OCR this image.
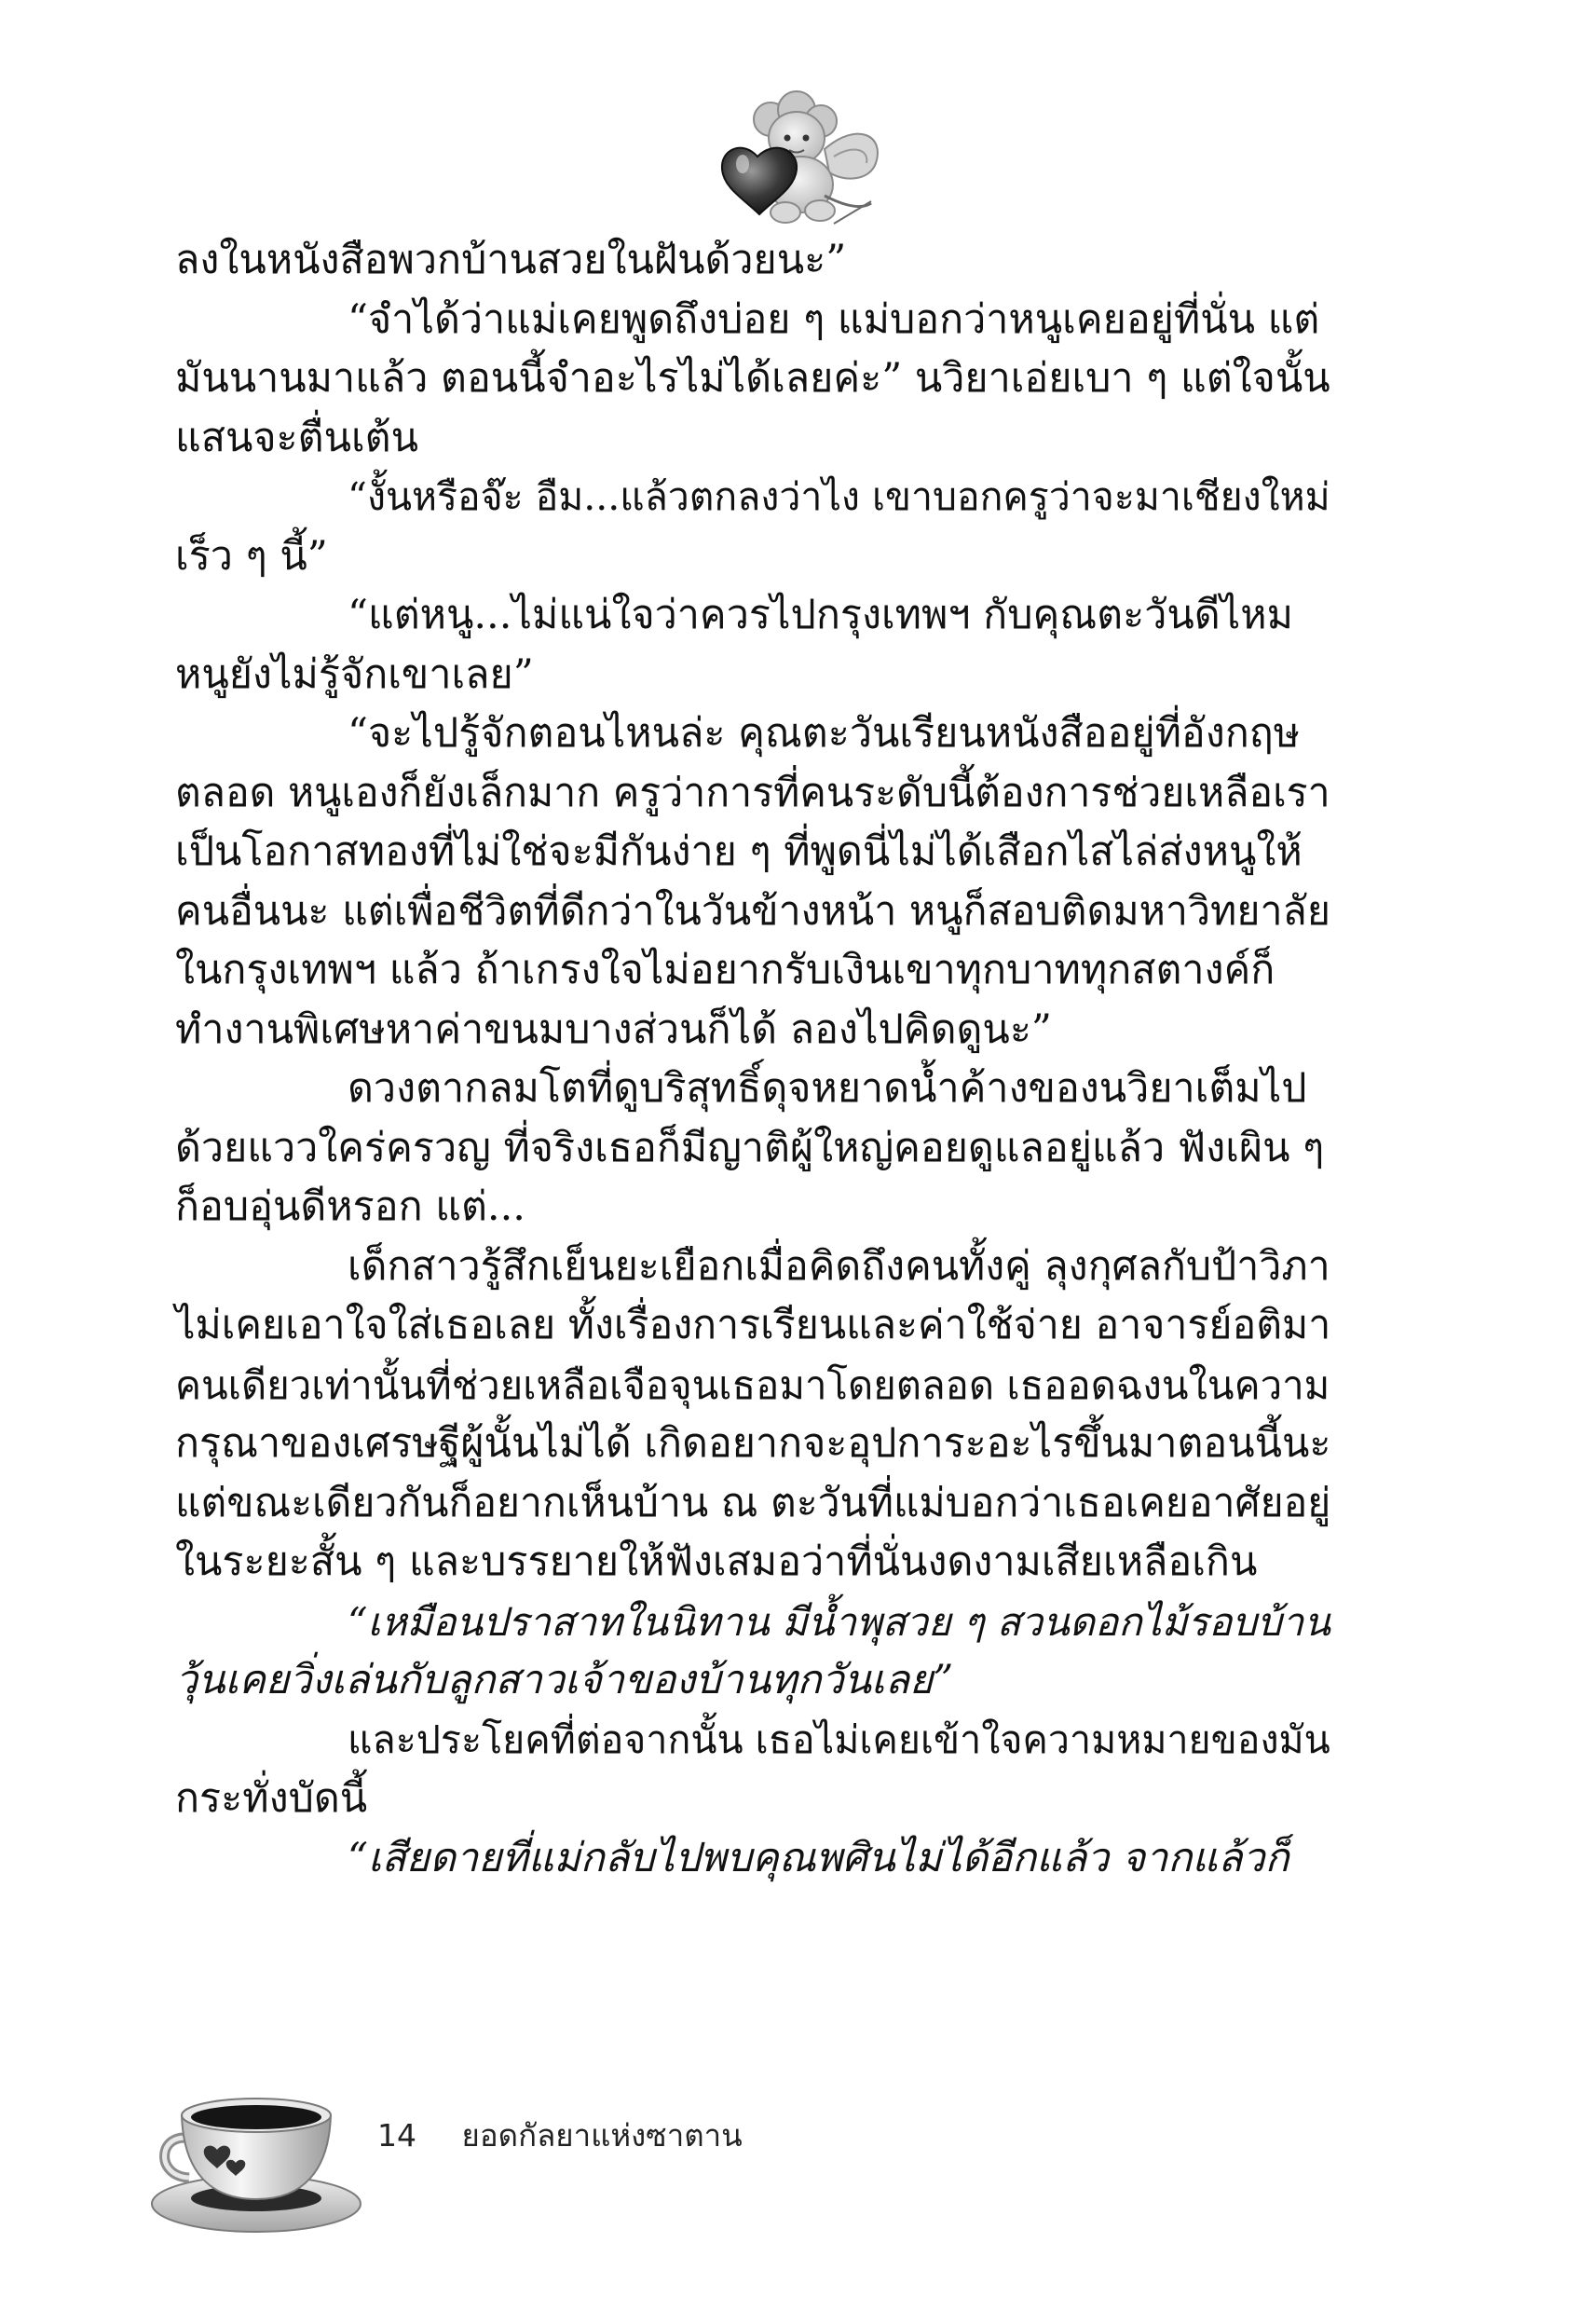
ลงในหนังสือพวกบ้านสวยในฝันด้วยนะ”
“จำได้ว่าแม่เคยพูดถึงบ่อย ๆ แม่บอกว่าหนูเคยอยู่ที่นั่น แต่
มันนานมาแล้ว ตอนนี้จำอะไรไม่ได้เลยค่ะ” นวิยาเอ่ยเบา ๆ แต่ใจนั้น
แสนจะตื่นเต้น
“งั้นหรือจ๊ะ อืม...แล้วตกลงว่าไง เขาบอกครูว่าจะมาเชียงใหม่
เร็ว ๆ นี้”
“แต่หนู...ไม่แน่ใจว่าควรไปกรุงเทพฯ กับคุณตะวันดีไหม
หนูยังไม่รู้จักเขาเลย”
“จะไปรู้จักตอนไหนล่ะ คุณตะวันเรียนหนังสืออยู่ที่อังกฤษ
ตลอด หนูเองก็ยังเล็กมาก ครูว่าการที่คนระดับนี้ต้องการช่วยเหลือเรา
เป็นโอกาสทองที่ไม่ใช่จะมีกันง่าย ๆ ที่พูดนี่ไม่ได้เสือกไสไล่ส่งหนูให้
คนอื่นนะ แต่เพื่อชีวิตที่ดีกว่าในวันข้างหน้า หนูก็สอบติดมหาวิทยาลัย
ในกรุงเทพฯ แล้ว ถ้าเกรงใจไม่อยากรับเงินเขาทุกบาททุกสตางค์ก็
ทำงานพิเศษหาค่าขนมบางส่วนก็ได้ ลองไปคิดดูนะ”
ดวงตากลมโตที่ดูบริสุทธิ์ดุจหยาดน้ำค้างของนวิยาเต็มไป
ด้วยแววใคร่ครวญ ที่จริงเธอก็มีญาติผู้ใหญ่คอยดูแลอยู่แล้ว ฟังเผิน ๆ
ก็อบอุ่นดีหรอก แต่...
เด็กสาวรู้สึกเย็นยะเยือกเมื่อคิดถึงคนทั้งคู่ ลุงกุศลกับป้าวิภา
ไม่เคยเอาใจใส่เธอเลย ทั้งเรื่องการเรียนและค่าใช้จ่าย อาจารย์อติมา
คนเดียวเท่านั้นที่ช่วยเหลือเจือจุนเธอมาโดยตลอด เธออดฉงนในความ
กรุณาของเศรษฐีผู้นั้นไม่ได้ เกิดอยากจะอุปการะอะไรขึ้นมาตอนนี้นะ
แต่ขณะเดียวกันก็อยากเห็นบ้าน ณ ตะวันที่แม่บอกว่าเธอเคยอาศัยอยู่
ในระยะสั้น ๆ และบรรยายให้ฟังเสมอว่าที่นั่นงดงามเสียเหลือเกิน
“เหมือนปราสาทในนิทาน มีน้ำพุสวย ๆ สวนดอกไม้รอบบ้าน
วุ้นเคยวิ่งเล่นกับลูกสาวเจ้าของบ้านทุกวันเลย”
และประโยคที่ต่อจากนั้น เธอไม่เคยเข้าใจความหมายของมัน
กระทั่งบัดนี้
“เสียดายที่แม่กลับไปพบคุณพศินไม่ได้อีกแล้ว จากแล้วก็
14 ยอดกัลยาแห่งซาตาน
